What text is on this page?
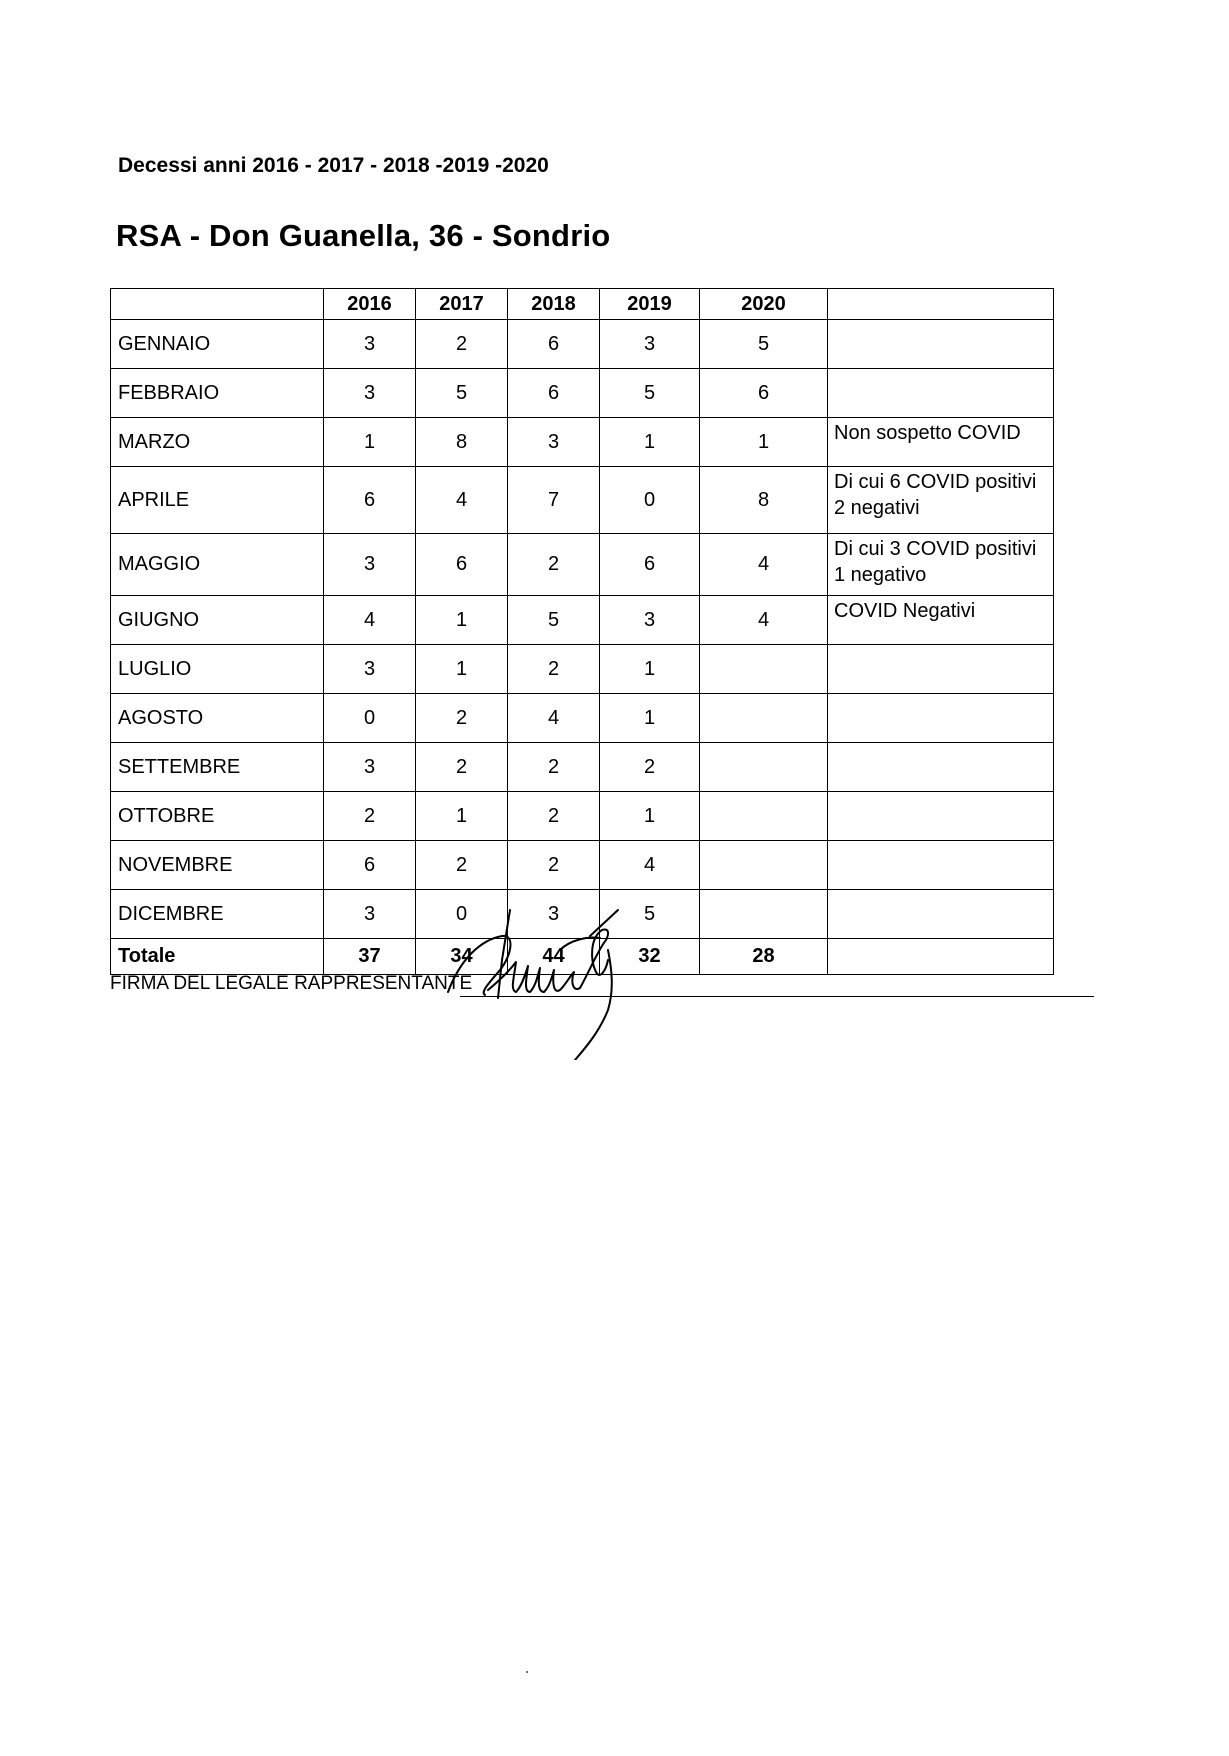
Decessi anni 2016 - 2017 - 2018 -2019 -2020
RSA - Don Guanella, 36 - Sondrio
	2016	2017	2018	2019	2020	
GENNAIO	3	2	6	3	5	
FEBBRAIO	3	5	6	5	6	
MARZO	1	8	3	1	1	Non sospetto COVID
APRILE	6	4	7	0	8	Di cui 6 COVID positivi 2 negativi
MAGGIO	3	6	2	6	4	Di cui 3 COVID positivi 1 negativo
GIUGNO	4	1	5	3	4	COVID Negativi
LUGLIO	3	1	2	1		
AGOSTO	0	2	4	1		
SETTEMBRE	3	2	2	2		
OTTOBRE	2	1	2	1		
NOVEMBRE	6	2	2	4		
DICEMBRE	3	0	3	5		
Totale	37	34	44	32	28	
FIRMA DEL LEGALE RAPPRESENTANTE
